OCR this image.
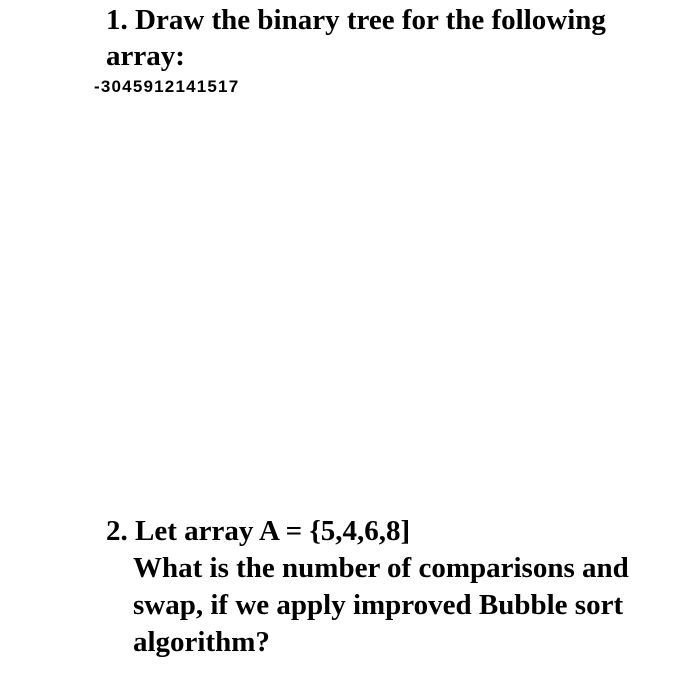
1. Draw the binary tree for the following array:

-3045912141517

2. Let array A = {5,4,6,8]
What is the number of comparisons and swap, if we apply improved Bubble sort algorithm?
